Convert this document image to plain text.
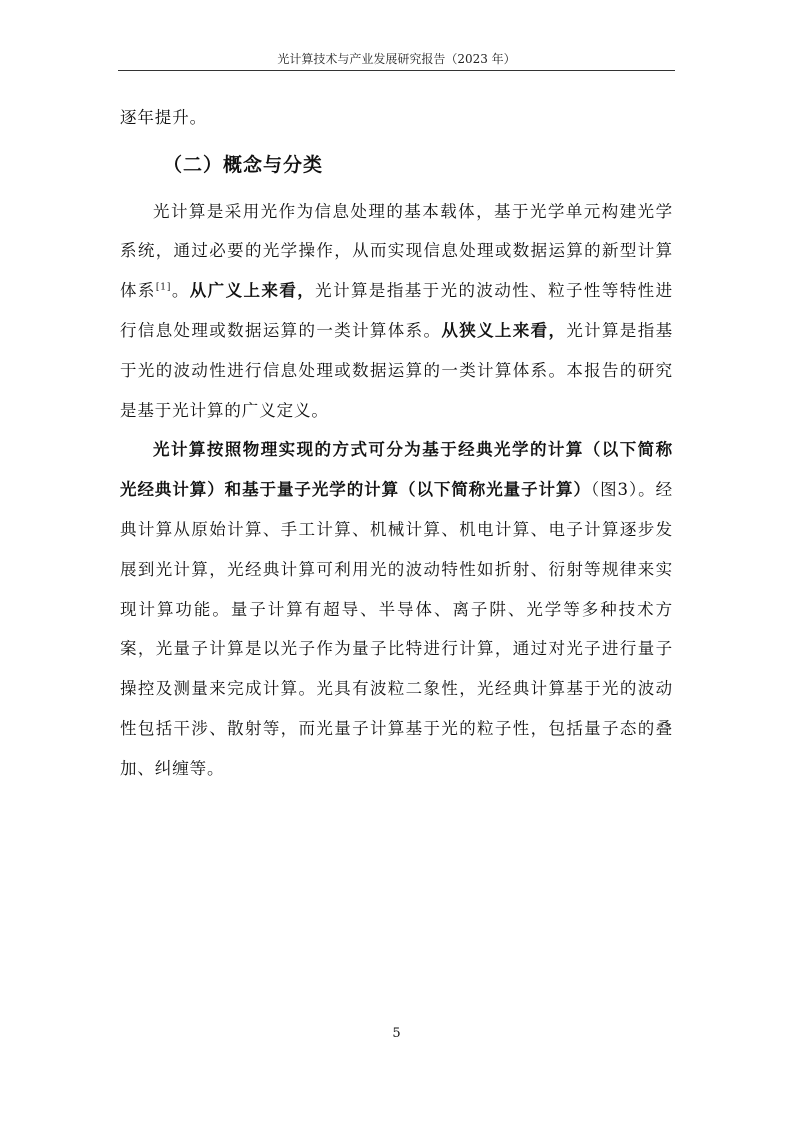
光计算技术与产业发展研究报告（2023 年）

逐年提升。

（二）概念与分类

光计算是采用光作为信息处理的基本载体，基于光学单元构建光学系统，通过必要的光学操作，从而实现信息处理或数据运算的新型计算体系[1]。从广义上来看，光计算是指基于光的波动性、粒子性等特性进行信息处理或数据运算的一类计算体系。从狭义上来看，光计算是指基于光的波动性进行信息处理或数据运算的一类计算体系。本报告的研究是基于光计算的广义定义。

光计算按照物理实现的方式可分为基于经典光学的计算（以下简称光经典计算）和基于量子光学的计算（以下简称光量子计算）（图3）。经典计算从原始计算、手工计算、机械计算、机电计算、电子计算逐步发展到光计算，光经典计算可利用光的波动特性如折射、衍射等规律来实现计算功能。量子计算有超导、半导体、离子阱、光学等多种技术方案，光量子计算是以光子作为量子比特进行计算，通过对光子进行量子操控及测量来完成计算。光具有波粒二象性，光经典计算基于光的波动性包括干涉、散射等，而光量子计算基于光的粒子性，包括量子态的叠加、纠缠等。

5
